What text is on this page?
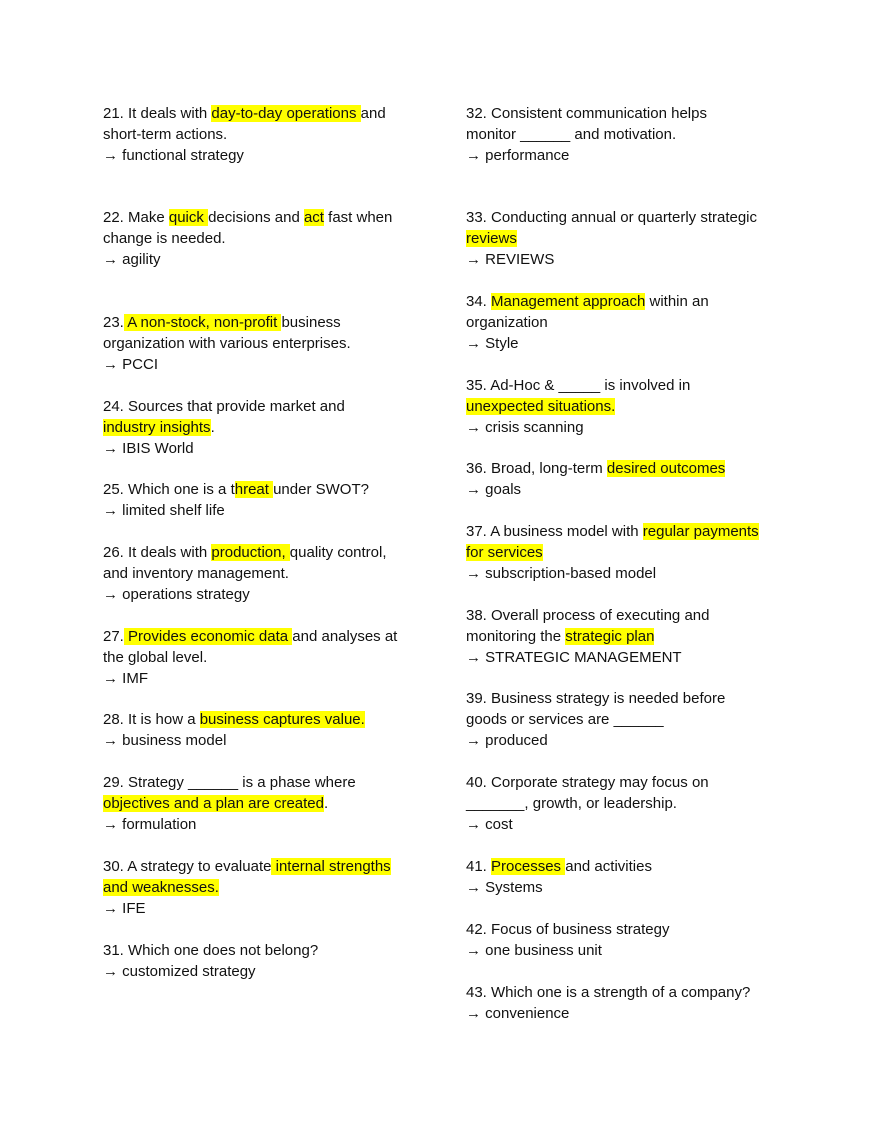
21. It deals with day-to-day operations and
short-term actions.
→ functional strategy
22. Make quick decisions and act fast when
change is needed.
→ agility
23. A non-stock, non-profit business
organization with various enterprises.
→ PCCI
24. Sources that provide market and
industry insights.
→ IBIS World
25. Which one is a threat under SWOT?
→ limited shelf life
26. It deals with production, quality control,
and inventory management.
→ operations strategy
27. Provides economic data and analyses at
the global level.
→ IMF
28. It is how a business captures value.
→ business model
29. Strategy ______ is a phase where
objectives and a plan are created.
→ formulation
30. A strategy to evaluate internal strengths
and weaknesses.
→ IFE
31. Which one does not belong?
→ customized strategy
32. Consistent communication helps
monitor ______ and motivation.
→ performance
33. Conducting annual or quarterly strategic
reviews
→ REVIEWS
34. Management approach within an
organization
→ Style
35. Ad-Hoc & _____ is involved in
unexpected situations.
→ crisis scanning
36. Broad, long-term desired outcomes
→ goals
37. A business model with regular payments
for services
→ subscription-based model
38. Overall process of executing and
monitoring the strategic plan
→ STRATEGIC MANAGEMENT
39. Business strategy is needed before
goods or services are ______
→ produced
40. Corporate strategy may focus on
_______, growth, or leadership.
→ cost
41. Processes and activities
→ Systems
42. Focus of business strategy
→ one business unit
43. Which one is a strength of a company?
→ convenience
